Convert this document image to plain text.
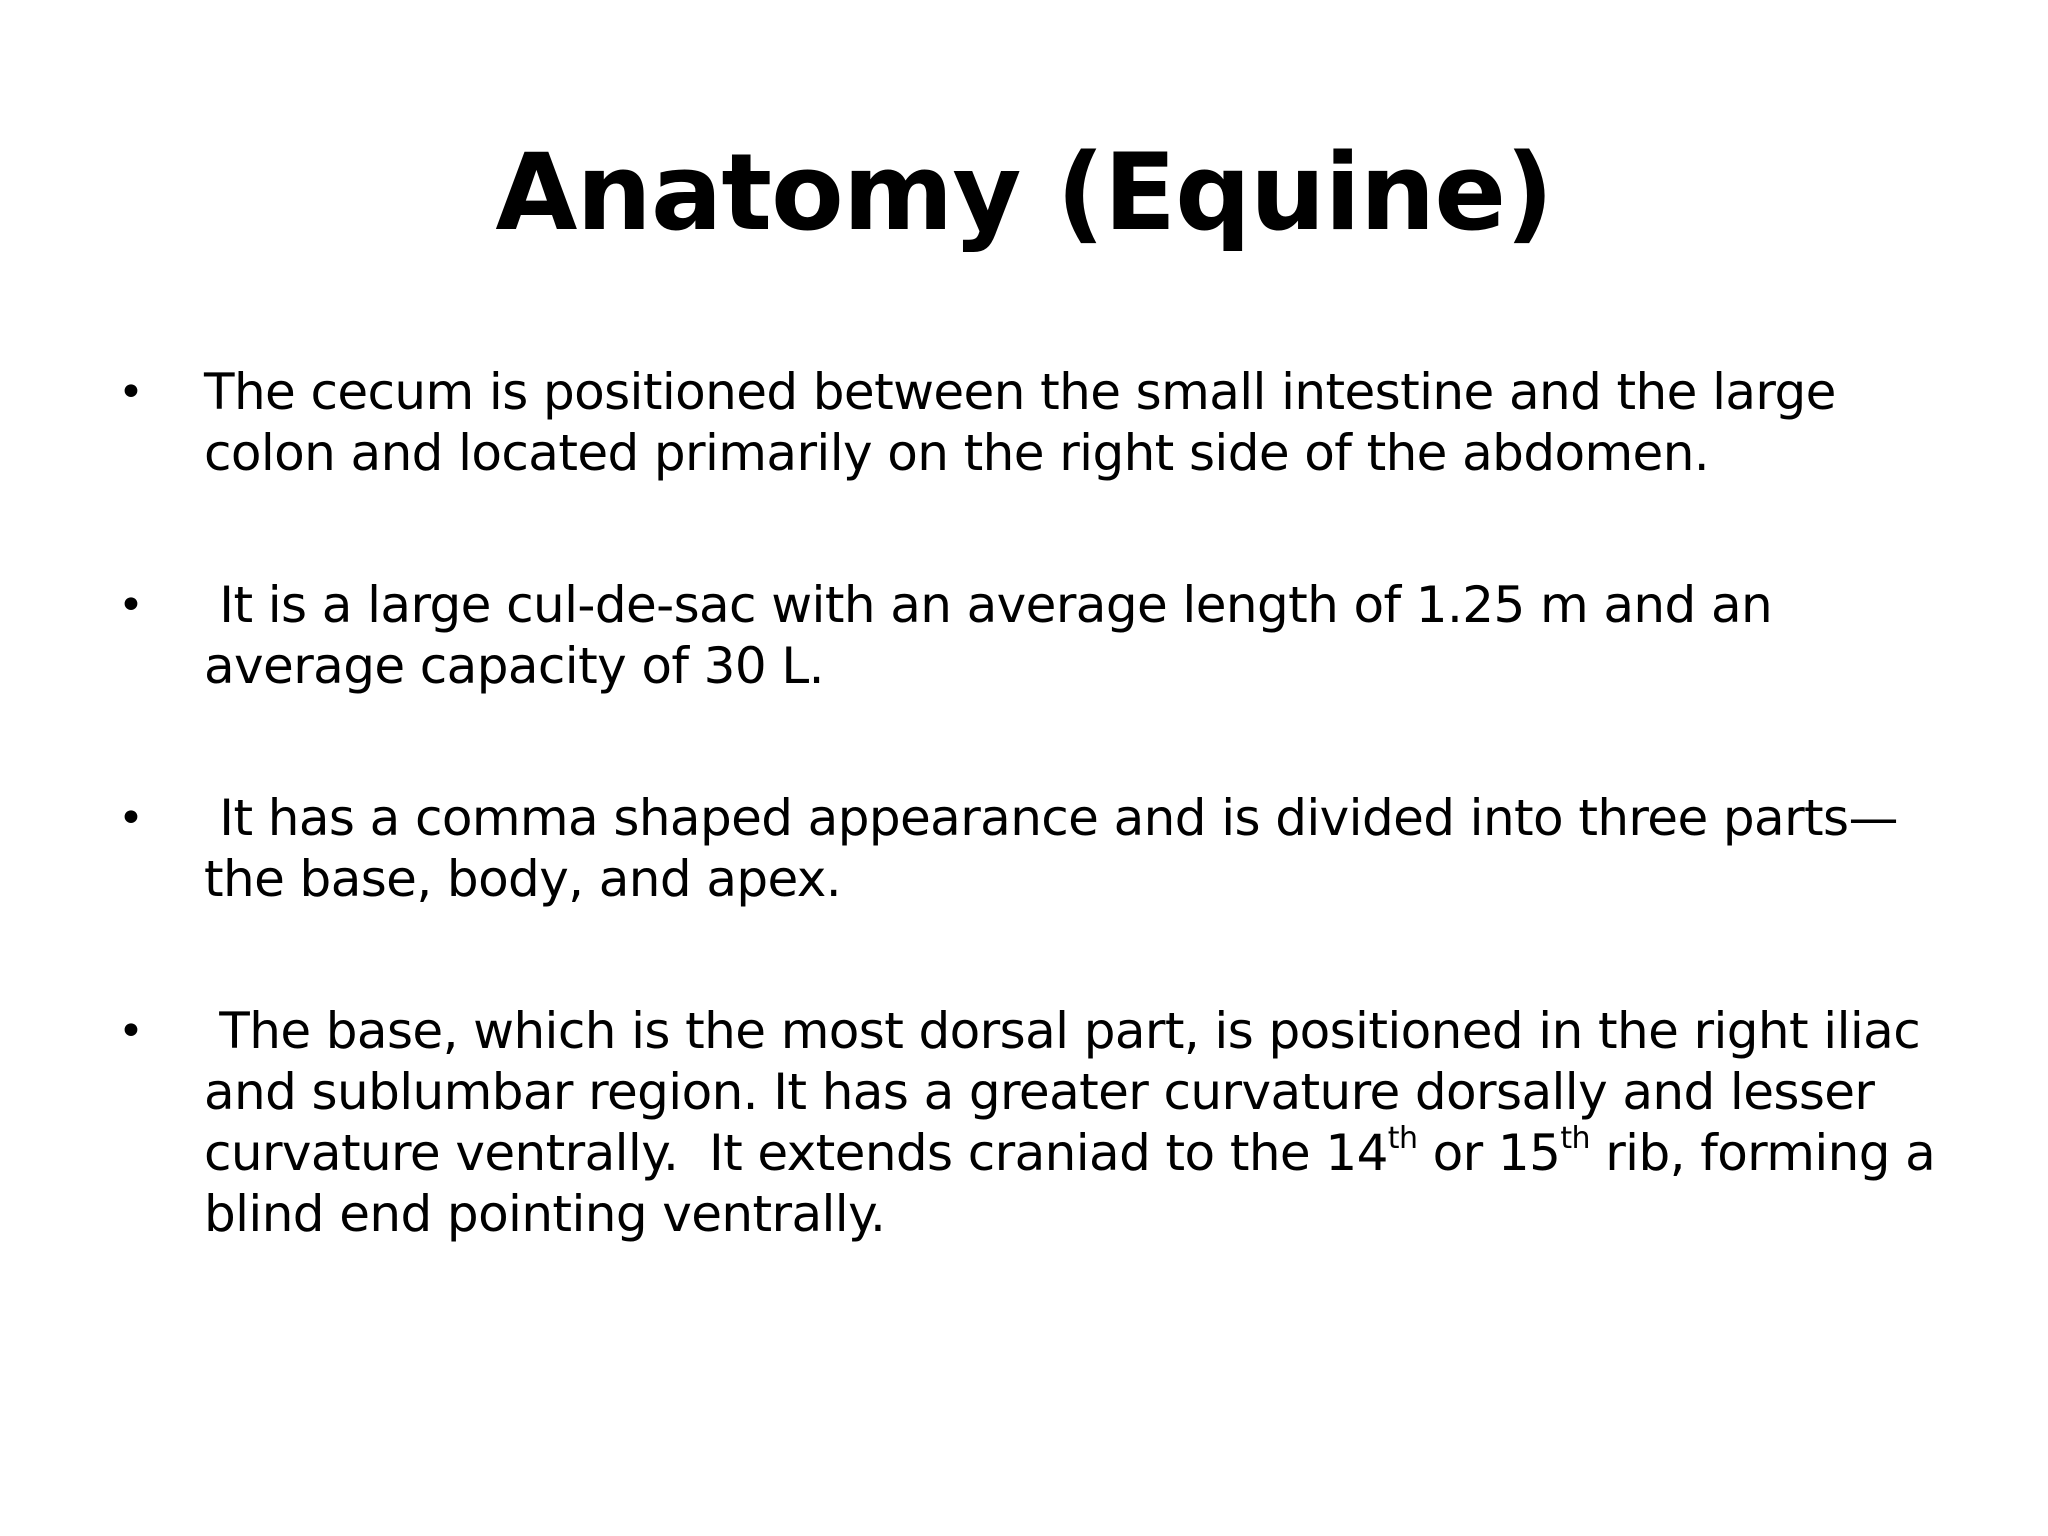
Anatomy (Equine)
• The cecum is positioned between the small intestine and the large colon and located primarily on the right side of the abdomen.
• It is a large cul-de-sac with an average length of 1.25 m and an average capacity of 30 L.
• It has a comma shaped appearance and is divided into three parts—the base, body, and apex.
• The base, which is the most dorsal part, is positioned in the right iliac and sublumbar region. It has a greater curvature dorsally and lesser curvature ventrally.  It extends craniad to the 14th or 15th rib, forming a blind end pointing ventrally.
